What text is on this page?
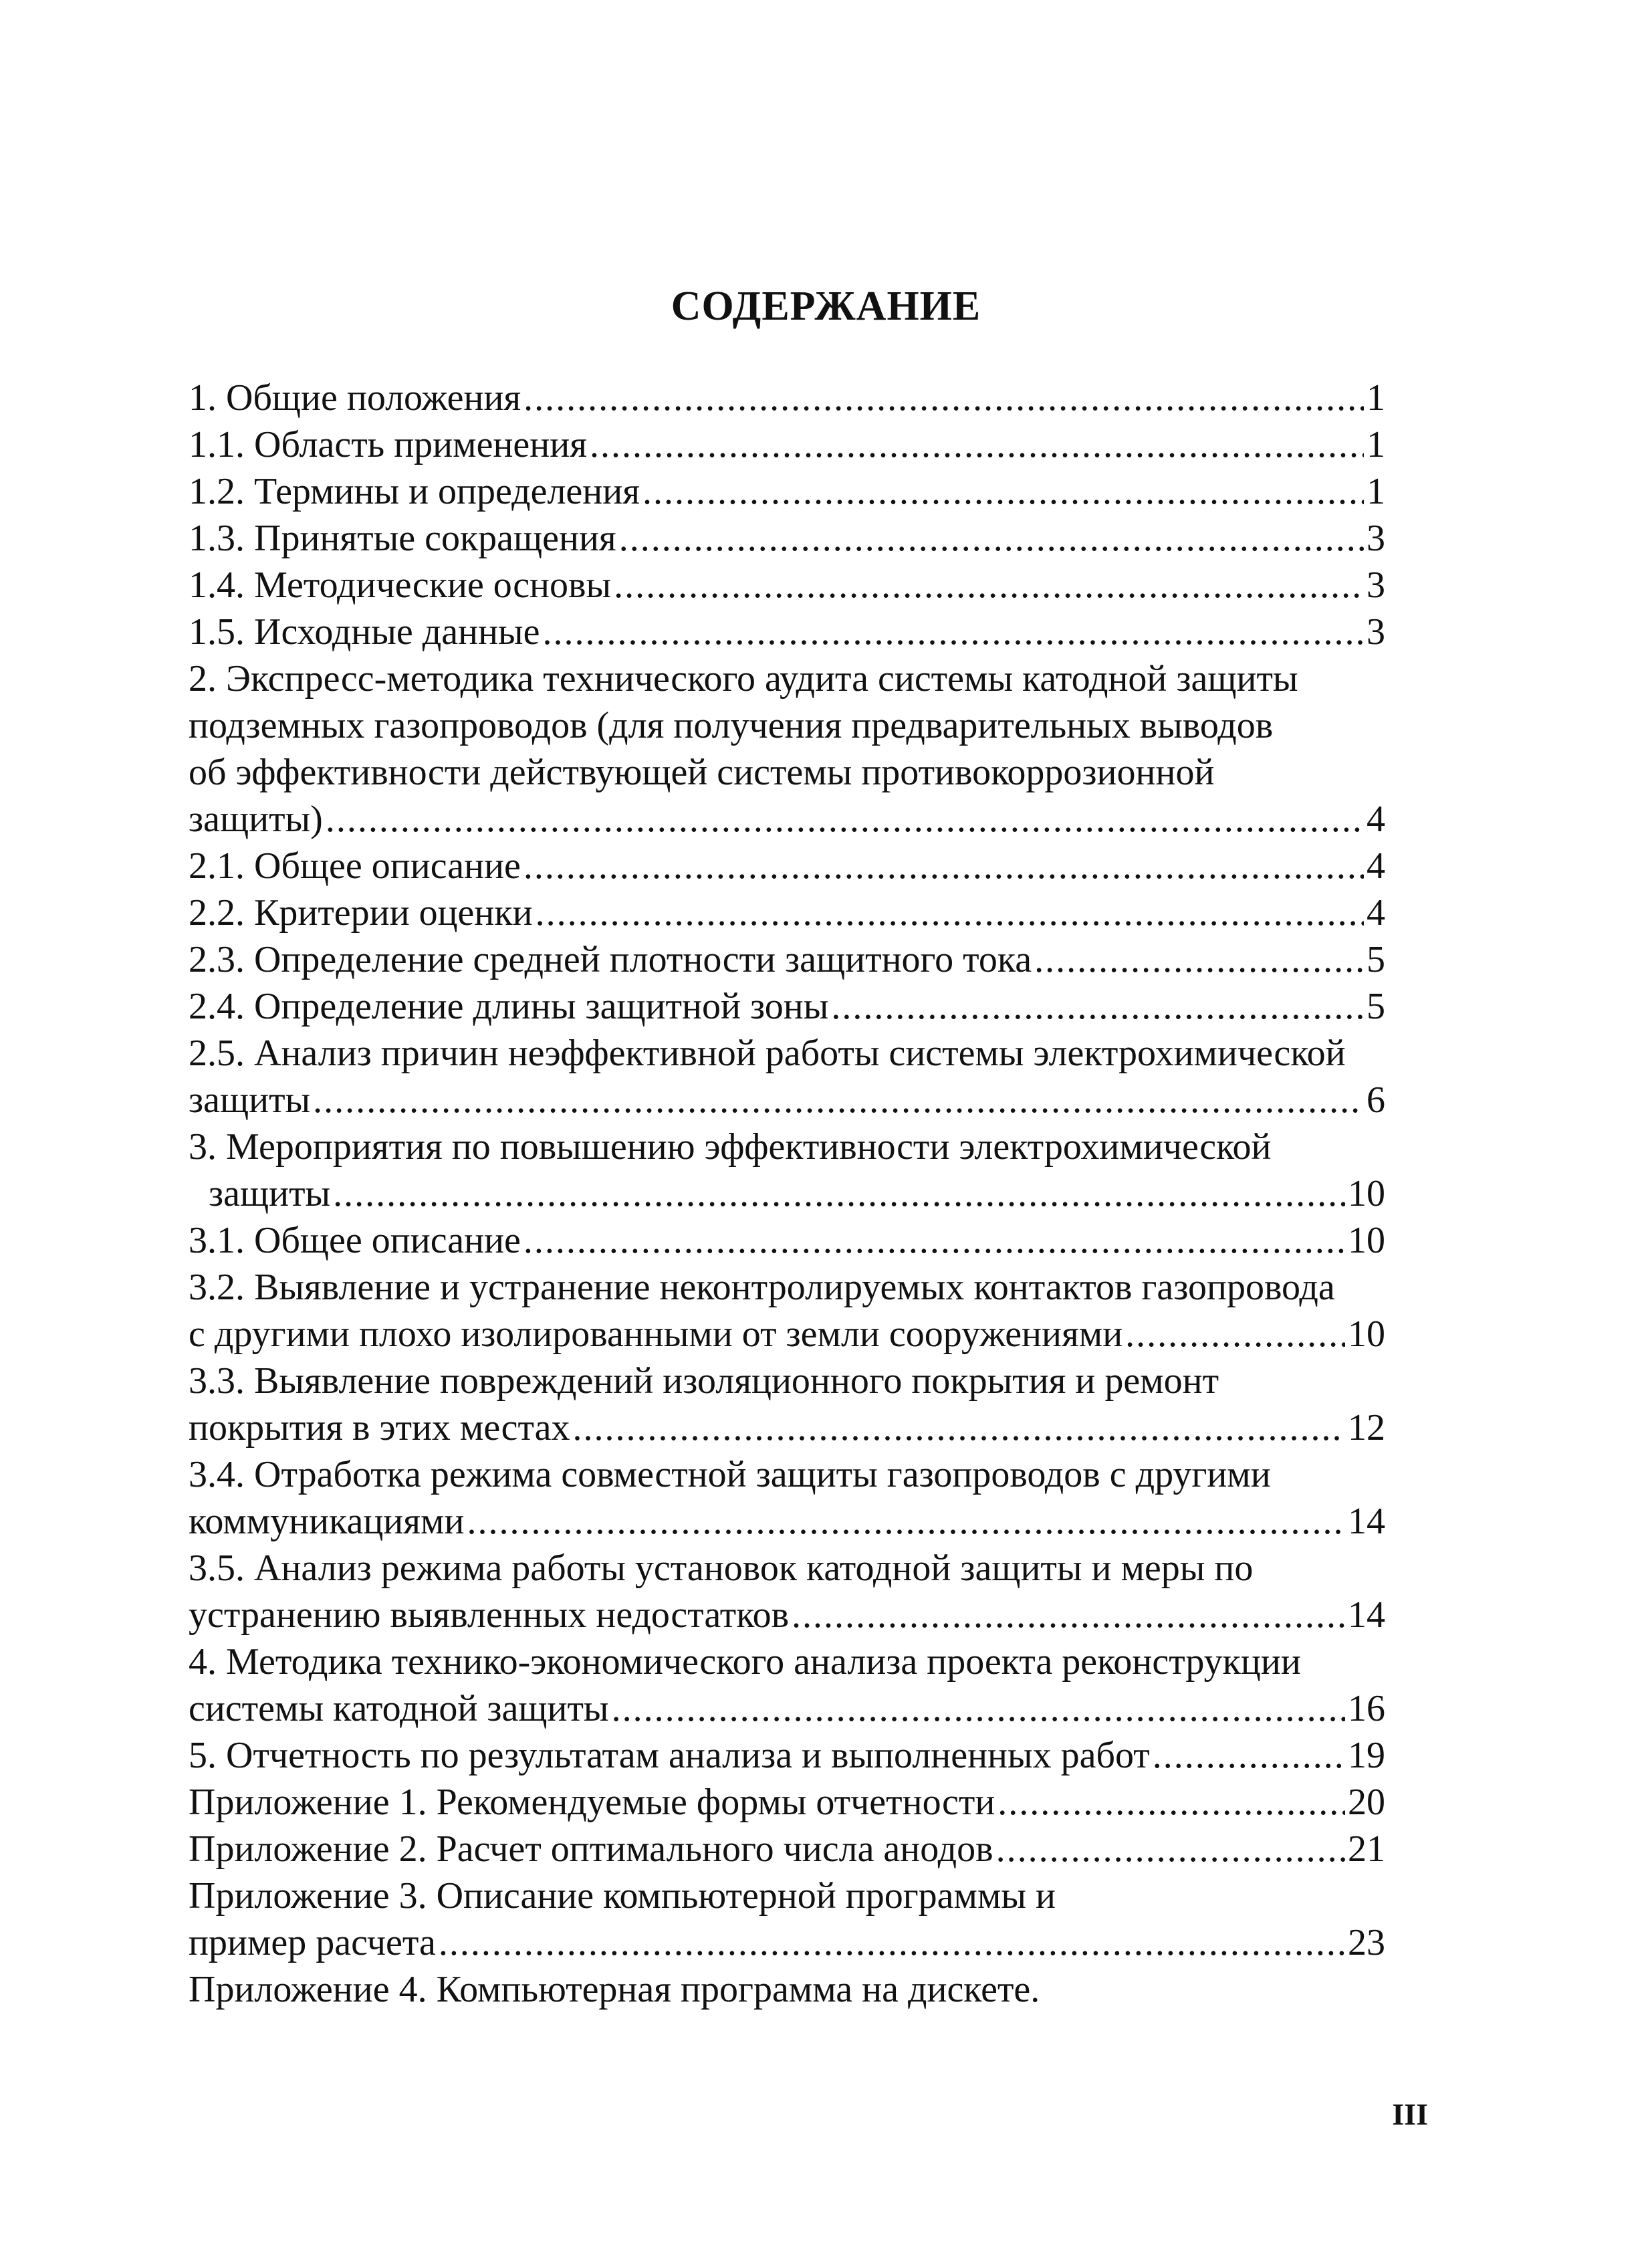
СОДЕРЖАНИЕ
1. Общие положения . . .	1
1.1. Область применения . . .	1
1.2. Термины и определения . . .	1
1.3. Принятые сокращения . . .	3
1.4. Методические основы . . .	3
1.5. Исходные данные . . .	3
2. Экспресс-методика технического аудита системы катодной защиты
подземных газопроводов (для получения предварительных выводов
об эффективности действующей системы противокоррозионной
защиты) . . .	4
2.1. Общее описание . . .	4
2.2. Критерии оценки . . .	4
2.3. Определение средней плотности защитного тока . . .	5
2.4. Определение длины защитной зоны . . .	5
2.5. Анализ причин неэффективной работы системы электрохимической
защиты . . .	6
3. Мероприятия по повышению эффективности электрохимической
защиты . . .	10
3.1. Общее описание . . .	10
3.2. Выявление и устранение неконтролируемых контактов газопровода
с другими плохо изолированными от земли сооружениями . . .	10
3.3. Выявление повреждений изоляционного покрытия и ремонт
покрытия в этих местах . . .	12
3.4. Отработка режима совместной защиты газопроводов с другими
коммуникациями . . .	14
3.5. Анализ режима работы установок катодной защиты и меры по
устранению выявленных недостатков . . .	14
4. Методика технико-экономического анализа проекта реконструкции
системы катодной защиты . . .	16
5. Отчетность по результатам анализа и выполненных работ . . .	19
Приложение 1. Рекомендуемые формы отчетности . . .	20
Приложение 2. Расчет оптимального числа анодов . . .	21
Приложение 3. Описание компьютерной программы и
пример расчета . . .	23
Приложение 4. Компьютерная программа на дискете.
III
